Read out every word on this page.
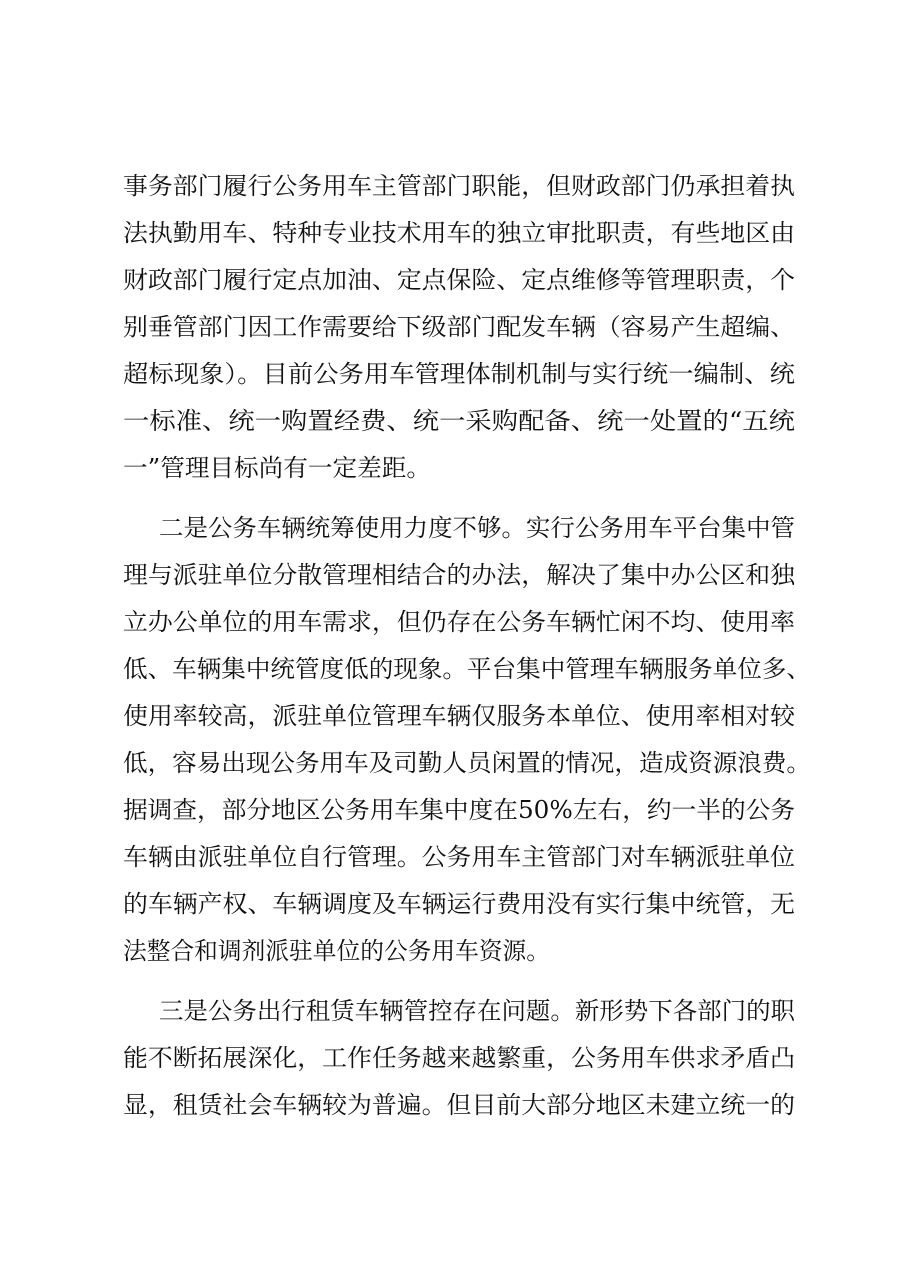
事务部门履行公务用车主管部门职能，但财政部门仍承担着执
法执勤用车、特种专业技术用车的独立审批职责，有些地区由
财政部门履行定点加油、定点保险、定点维修等管理职责，个
别垂管部门因工作需要给下级部门配发车辆（容易产生超编、
超标现象）。目前公务用车管理体制机制与实行统一编制、统
一标准、统一购置经费、统一采购配备、统一处置的“五统
一”管理目标尚有一定差距。
二是公务车辆统筹使用力度不够。实行公务用车平台集中管
理与派驻单位分散管理相结合的办法，解决了集中办公区和独
立办公单位的用车需求，但仍存在公务车辆忙闲不均、使用率
低、车辆集中统管度低的现象。平台集中管理车辆服务单位多、
使用率较高，派驻单位管理车辆仅服务本单位、使用率相对较
低，容易出现公务用车及司勤人员闲置的情况，造成资源浪费。
据调查，部分地区公务用车集中度在50%左右，约一半的公务
车辆由派驻单位自行管理。公务用车主管部门对车辆派驻单位
的车辆产权、车辆调度及车辆运行费用没有实行集中统管，无
法整合和调剂派驻单位的公务用车资源。
三是公务出行租赁车辆管控存在问题。新形势下各部门的职
能不断拓展深化，工作任务越来越繁重，公务用车供求矛盾凸
显，租赁社会车辆较为普遍。但目前大部分地区未建立统一的
